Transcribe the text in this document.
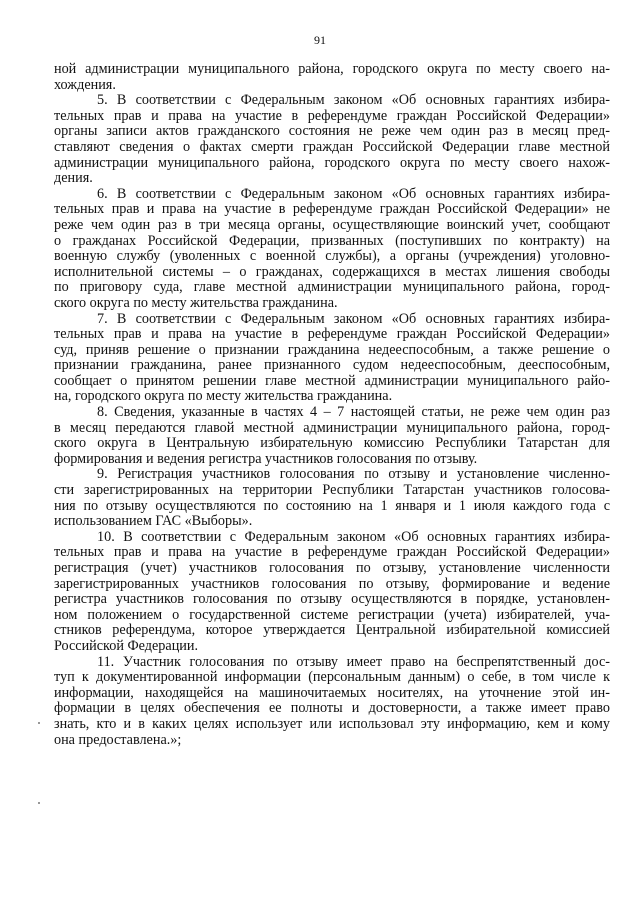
91
ной администрации муниципального района, городского округа по месту своего на-
хождения.
5. В соответствии с Федеральным законом «Об основных гарантиях избира-
тельных прав и права на участие в референдуме граждан Российской Федерации»
органы записи актов гражданского состояния не реже чем один раз в месяц пред-
ставляют сведения о фактах смерти граждан Российской Федерации главе местной
администрации муниципального района, городского округа по месту своего нахож-
дения.
6. В соответствии с Федеральным законом «Об основных гарантиях избира-
тельных прав и права на участие в референдуме граждан Российской Федерации» не
реже чем один раз в три месяца органы, осуществляющие воинский учет, сообщают
о гражданах Российской Федерации, призванных (поступивших по контракту) на
военную службу (уволенных с военной службы), а органы (учреждения) уголовно-
исполнительной системы – о гражданах, содержащихся в местах лишения свободы
по приговору суда, главе местной администрации муниципального района, город-
ского округа по месту жительства гражданина.
7. В соответствии с Федеральным законом «Об основных гарантиях избира-
тельных прав и права на участие в референдуме граждан Российской Федерации»
суд, приняв решение о признании гражданина недееспособным, а также решение о
признании гражданина, ранее признанного судом недееспособным, дееспособным,
сообщает о принятом решении главе местной администрации муниципального райо-
на, городского округа по месту жительства гражданина.
8. Сведения, указанные в частях 4 – 7 настоящей статьи, не реже чем один раз
в месяц передаются главой местной администрации муниципального района, город-
ского округа в Центральную избирательную комиссию Республики Татарстан для
формирования и ведения регистра участников голосования по отзыву.
9. Регистрация участников голосования по отзыву и установление численно-
сти зарегистрированных на территории Республики Татарстан участников голосова-
ния по отзыву осуществляются по состоянию на 1 января и 1 июля каждого года с
использованием ГАС «Выборы».
10. В соответствии с Федеральным законом «Об основных гарантиях избира-
тельных прав и права на участие в референдуме граждан Российской Федерации»
регистрация (учет) участников голосования по отзыву, установление численности
зарегистрированных участников голосования по отзыву, формирование и ведение
регистра участников голосования по отзыву осуществляются в порядке, установлен-
ном положением о государственной системе регистрации (учета) избирателей, уча-
стников референдума, которое утверждается Центральной избирательной комиссией
Российской Федерации.
11. Участник голосования по отзыву имеет право на беспрепятственный дос-
туп к документированной информации (персональным данным) о себе, в том числе к
информации, находящейся на машиночитаемых носителях, на уточнение этой ин-
формации в целях обеспечения ее полноты и достоверности, а также имеет право
знать, кто и в каких целях использует или использовал эту информацию, кем и кому
она предоставлена.»;
